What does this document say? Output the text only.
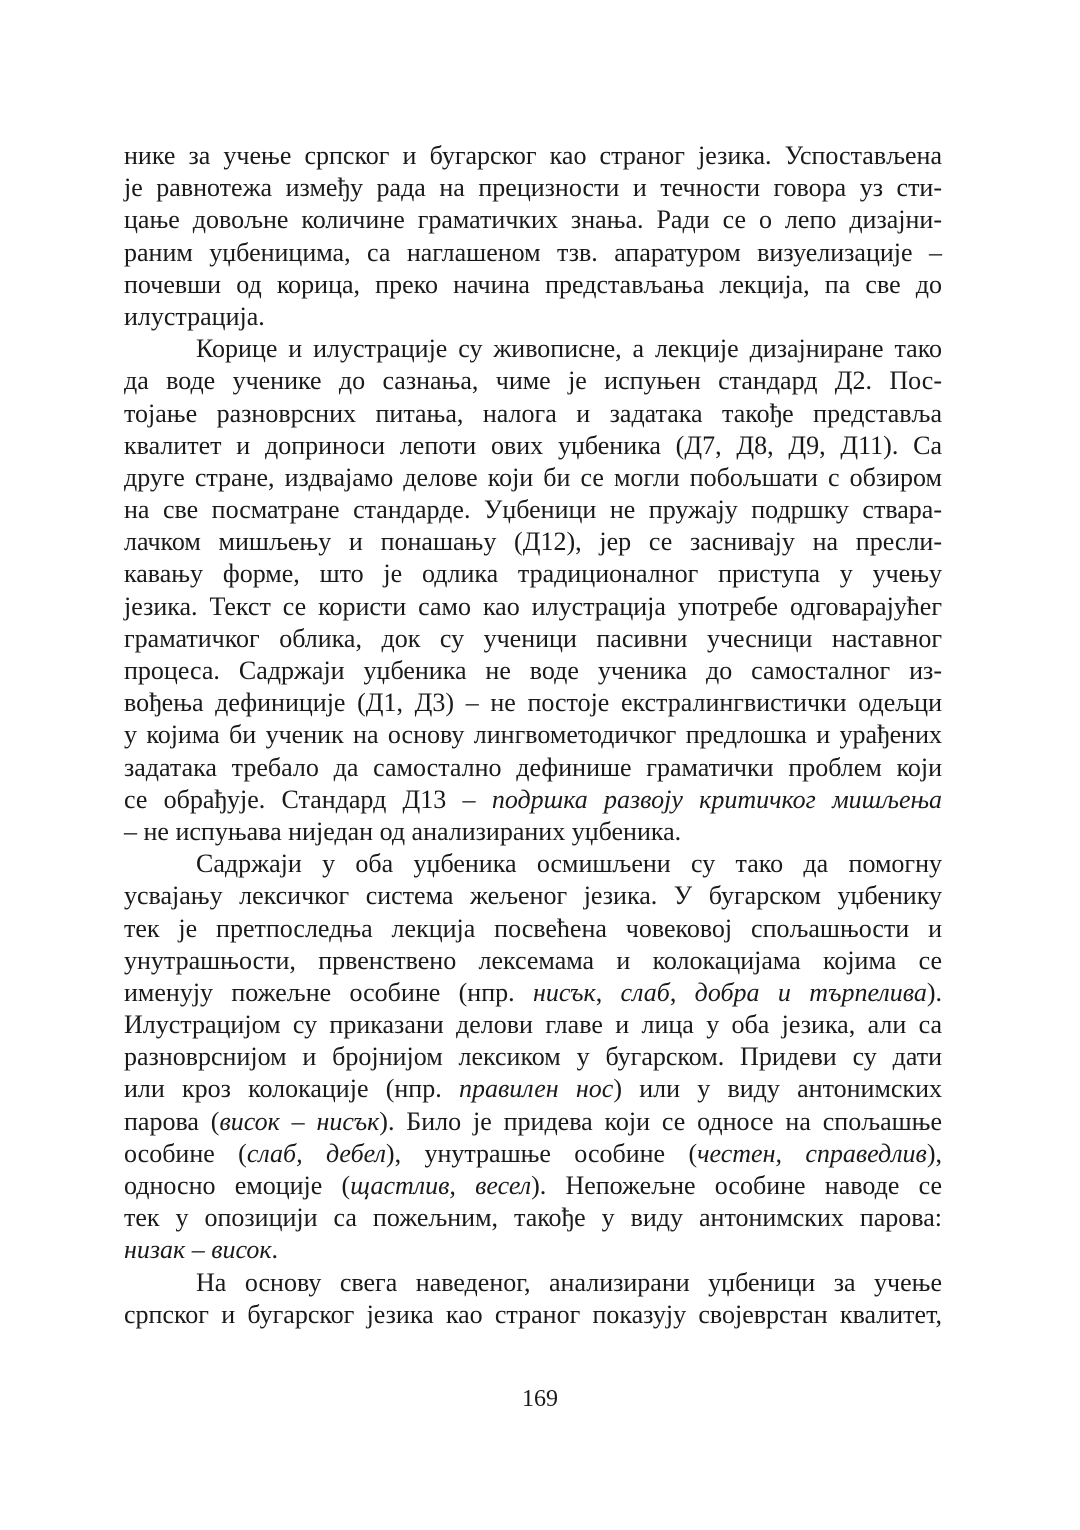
нике за учење српског и бугарског као страног језика. Успостављена
је равнотежа између рада на прецизности и течности говора уз сти-
цање довољне количине граматичких знања. Ради се о лепо дизајни-
раним уџбеницима, са наглашеном тзв. апаратуром визуелизације –
почевши од корица, преко начина представљања лекција, па све до
илустрација.
Корице и илустрације су живописне, а лекције дизајниране тако
да воде ученике до сазнања, чиме је испуњен стандард Д2. Пос-
тојање разноврсних питања, налога и задатака такође представља
квалитет и доприноси лепоти ових уџбеника (Д7, Д8, Д9, Д11). Са
друге стране, издвајамо делове који би се могли побољшати с обзиром
на све посматране стандарде. Уџбеници не пружају подршку ствара-
лачком мишљењу и понашању (Д12), јер се заснивају на пресли-
кавању форме, што је одлика традиционалног приступа у учењу
језика. Текст се користи само као илустрација употребе одговарајућег
граматичког облика, док су ученици пасивни учесници наставног
процеса. Садржаји уџбеника не воде ученика до самосталног из-
вођења дефиниције (Д1, Д3) – не постоје екстралингвистички одељци
у којима би ученик на основу лингвометодичког предлошка и урађених
задатака требало да самостално дефинише граматички проблем који
се обрађује. Стандард Д13 – подршка развоју критичког мишљења
– не испуњава ниједан од анализираних уџбеника.
Садржаји у оба уџбеника осмишљени су тако да помогну
усвајању лексичког система жељеног језика. У бугарском уџбенику
тек је претпоследња лекција посвећена човековој спољашњости и
унутрашњости, првенствено лексемама и колокацијама којима се
именују пожељне особине (нпр. нисък, слаб, добра и търпелива).
Илустрацијом су приказани делови главе и лица у оба језика, али са
разноврснијом и бројнијом лексиком у бугарском. Придеви су дати
или кроз колокације (нпр. правилен нос) или у виду антонимских
парова (висок – нисък). Било је придева који се односе на спољашње
особине (слаб, дебел), унутрашње особине (честен, справедлив),
односно емоције (щастлив, весел). Непожељне особине наводе се
тек у опозицији са пожељним, такође у виду антонимских парова:
низак – висок.
На основу свега наведеног, анализирани уџбеници за учење
српског и бугарског језика као страног показују својеврстан квалитет,
169
